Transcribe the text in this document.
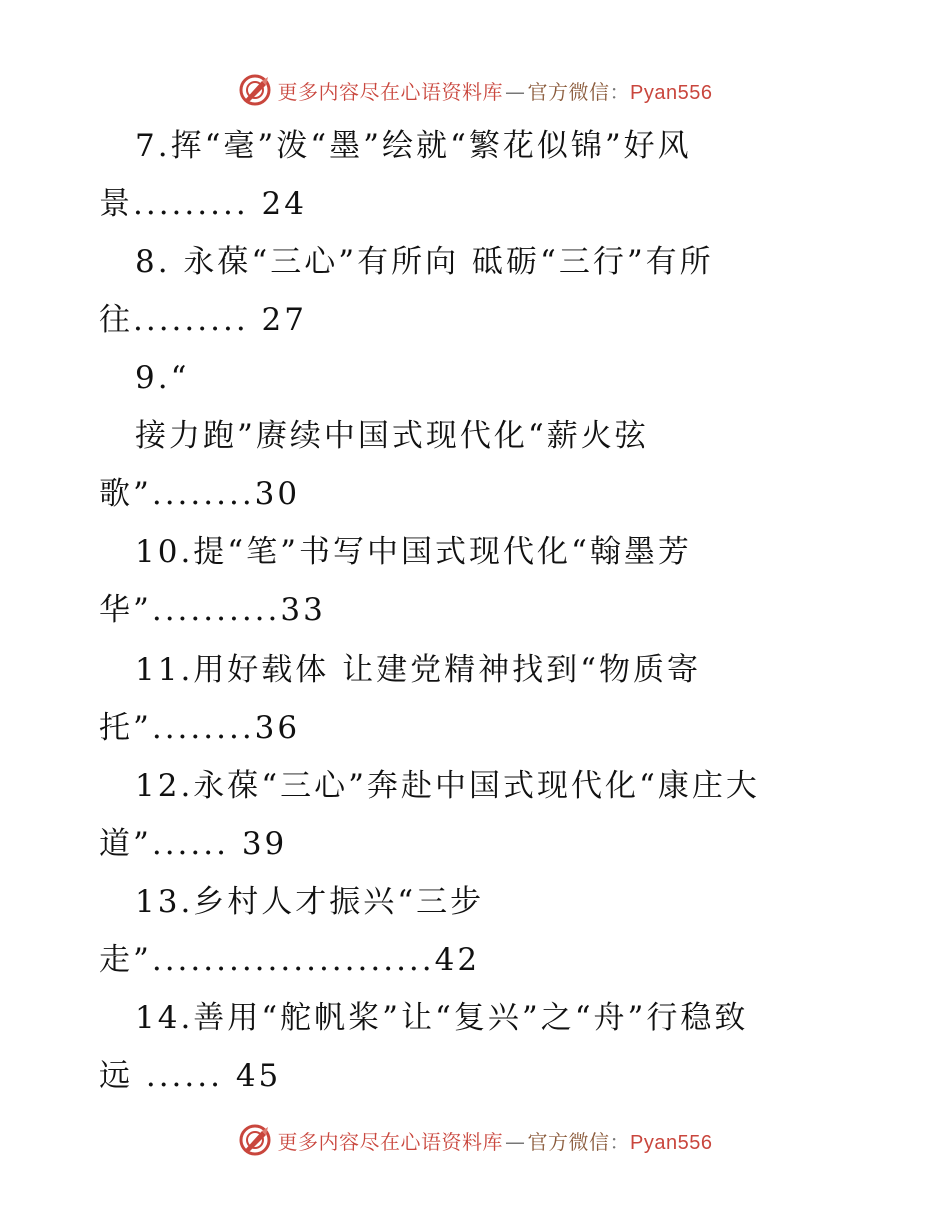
更多内容尽在心语资料库 — 官方微信 ： Pyan556
7.挥“毫”泼“墨”绘就“繁花似锦”好风
景......... 24
8. 永葆“三心”有所向 砥砺“三行”有所
往......... 27
9.“
接力跑”赓续中国式现代化“薪火弦
歌”........30
10.提“笔”书写中国式现代化“翰墨芳
华”..........33
11.用好载体 让建党精神找到“物质寄
托”........36
12.永葆“三心”奔赴中国式现代化“康庄大
道”...... 39
13.乡村人才振兴“三步
走”......................42
14.善用“舵帆桨”让“复兴”之“舟”行稳致
远 ...... 45
更多内容尽在心语资料库 — 官方微信 ： Pyan556
